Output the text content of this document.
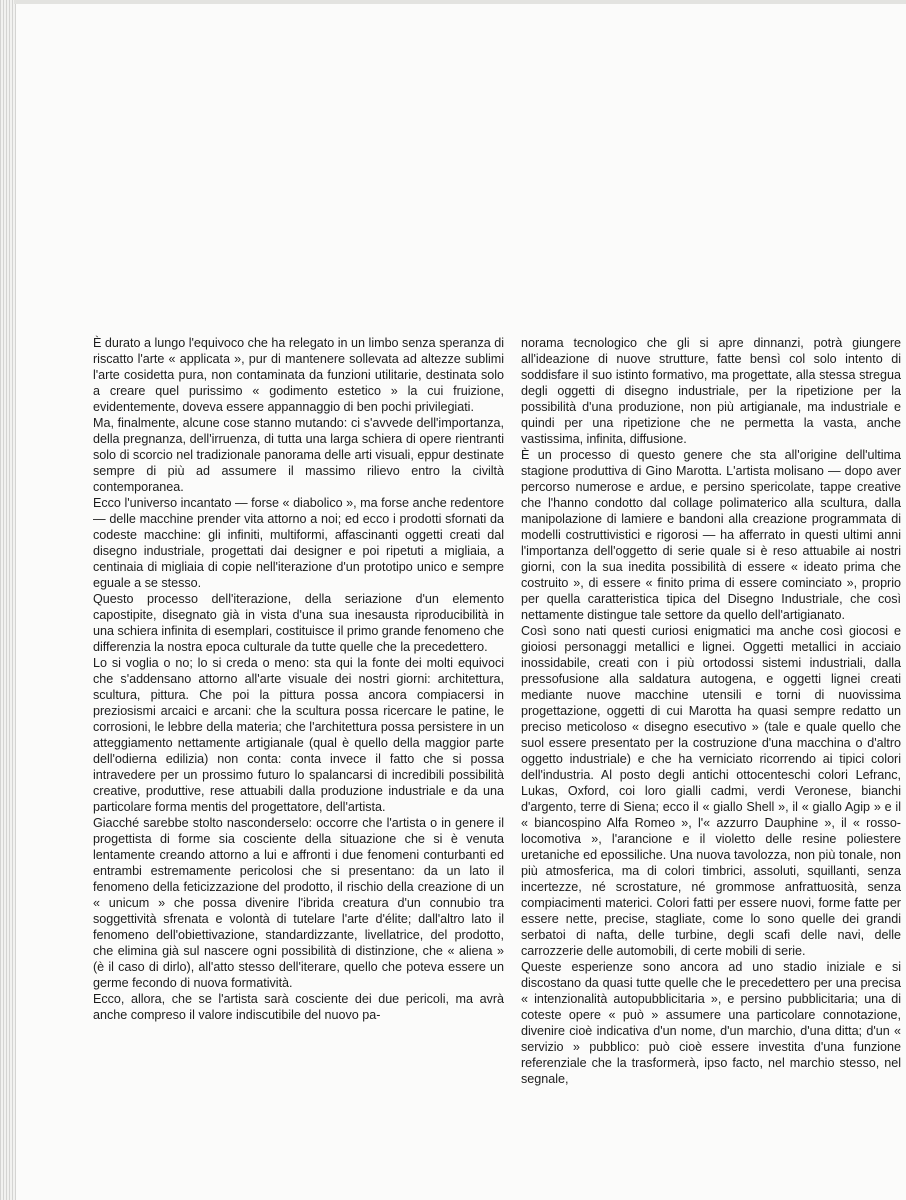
È durato a lungo l'equivoco che ha relegato in un limbo senza speranza di riscatto l'arte « applicata », pur di mantenere sollevata ad altezze sublimi l'arte cosidetta pura, non contaminata da funzioni utilitarie, destinata solo a creare quel purissimo « godimento estetico » la cui fruizione, evidentemente, doveva essere appannaggio di ben pochi privilegiati.

Ma, finalmente, alcune cose stanno mutando: ci s'avvede dell'importanza, della pregnanza, dell'irruenza, di tutta una larga schiera di opere rientranti solo di scorcio nel tradizionale panorama delle arti visuali, eppur destinate sempre di più ad assumere il massimo rilievo entro la civiltà contemporanea.

Ecco l'universo incantato — forse « diabolico », ma forse anche redentore — delle macchine prender vita attorno a noi; ed ecco i prodotti sfornati da codeste macchine: gli infiniti, multiformi, affascinanti oggetti creati dal disegno industriale, progettati dai designer e poi ripetuti a migliaia, a centinaia di migliaia di copie nell'iterazione d'un prototipo unico e sempre eguale a se stesso.

Questo processo dell'iterazione, della seriazione d'un elemento capostipite, disegnato già in vista d'una sua inesausta riproducibilità in una schiera infinita di esemplari, costituisce il primo grande fenomeno che differenzia la nostra epoca culturale da tutte quelle che la precedettero.

Lo si voglia o no; lo si creda o meno: sta qui la fonte dei molti equivoci che s'addensano attorno all'arte visuale dei nostri giorni: architettura, scultura, pittura. Che poi la pittura possa ancora compiacersi in preziosismi arcaici e arcani: che la scultura possa ricercare le patine, le corrosioni, le lebbre della materia; che l'architettura possa persistere in un atteggiamento nettamente artigianale (qual è quello della maggior parte dell'odierna edilizia) non conta: conta invece il fatto che si possa intravedere per un prossimo futuro lo spalancarsi di incredibili possibilità creative, produttive, rese attuabili dalla produzione industriale e da una particolare forma mentis del progettatore, dell'artista.

Giacché sarebbe stolto nasconderselo: occorre che l'artista o in genere il progettista di forme sia cosciente della situazione che si è venuta lentamente creando attorno a lui e affronti i due fenomeni conturbanti ed entrambi estremamente pericolosi che si presentano: da un lato il fenomeno della feticizzazione del prodotto, il rischio della creazione di un « unicum » che possa divenire l'ibrida creatura d'un connubio tra soggettività sfrenata e volontà di tutelare l'arte d'élite; dall'altro lato il fenomeno dell'obiettivazione, standardizzante, livellatrice, del prodotto, che elimina già sul nascere ogni possibilità di distinzione, che « aliena » (è il caso di dirlo), all'atto stesso dell'iterare, quello che poteva essere un germe fecondo di nuova formatività.

Ecco, allora, che se l'artista sarà cosciente dei due pericoli, ma avrà anche compreso il valore indiscutibile del nuovo pa-

norama tecnologico che gli si apre dinnanzi, potrà giungere all'ideazione di nuove strutture, fatte bensì col solo intento di soddisfare il suo istinto formativo, ma progettate, alla stessa stregua degli oggetti di disegno industriale, per la ripetizione per la possibilità d'una produzione, non più artigianale, ma industriale e quindi per una ripetizione che ne permetta la vasta, anche vastissima, infinita, diffusione.

È un processo di questo genere che sta all'origine dell'ultima stagione produttiva di Gino Marotta. L'artista molisano — dopo aver percorso numerose e ardue, e persino spericolate, tappe creative che l'hanno condotto dal collage polimaterico alla scultura, dalla manipolazione di lamiere e bandoni alla creazione programmata di modelli costruttivistici e rigorosi — ha afferrato in questi ultimi anni l'importanza dell'oggetto di serie quale si è reso attuabile ai nostri giorni, con la sua inedita possibilità di essere « ideato prima che costruito », di essere « finito prima di essere cominciato », proprio per quella caratteristica tipica del Disegno Industriale, che così nettamente distingue tale settore da quello dell'artigianato.

Così sono nati questi curiosi enigmatici ma anche così giocosi e gioiosi personaggi metallici e lignei. Oggetti metallici in acciaio inossidabile, creati con i più ortodossi sistemi industriali, dalla pressofusione alla saldatura autogena, e oggetti lignei creati mediante nuove macchine utensili e torni di nuovissima progettazione, oggetti di cui Marotta ha quasi sempre redatto un preciso meticoloso « disegno esecutivo » (tale e quale quello che suol essere presentato per la costruzione d'una macchina o d'altro oggetto industriale) e che ha verniciato ricorrendo ai tipici colori dell'industria. Al posto degli antichi ottocenteschi colori Lefranc, Lukas, Oxford, coi loro gialli cadmi, verdi Veronese, bianchi d'argento, terre di Siena; ecco il « giallo Shell », il « giallo Agip » e il « biancospino Alfa Romeo », l'« azzurro Dauphine », il « rosso-locomotiva », l'arancione e il violetto delle resine poliestere uretaniche ed epossiliche. Una nuova tavolozza, non più tonale, non più atmosferica, ma di colori timbrici, assoluti, squillanti, senza incertezze, né scrostature, né grommose anfrattuosità, senza compiacimenti materici. Colori fatti per essere nuovi, forme fatte per essere nette, precise, stagliate, come lo sono quelle dei grandi serbatoi di nafta, delle turbine, degli scafi delle navi, delle carrozzerie delle automobili, di certe mobili di serie.

Queste esperienze sono ancora ad uno stadio iniziale e si discostano da quasi tutte quelle che le precedettero per una precisa « intenzionalità autopubblicitaria », e persino pubblicitaria; una di coteste opere « può » assumere una particolare connotazione, divenire cioè indicativa d'un nome, d'un marchio, d'una ditta; d'un « servizio » pubblico: può cioè essere investita d'una funzione referenziale che la trasformerà, ipso facto, nel marchio stesso, nel segnale,
